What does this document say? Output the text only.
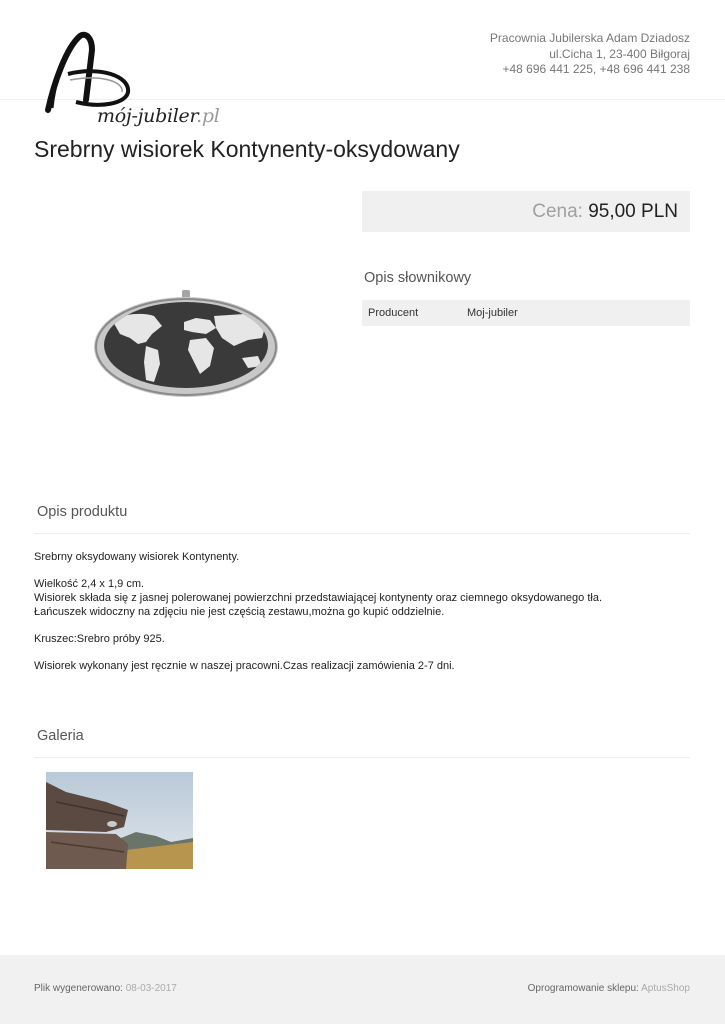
mój-jubiler.pl
Pracownia Jubilerska Adam Dziadosz
ul.Cicha 1, 23-400 Biłgoraj
+48 696 441 225, +48 696 441 238
Srebrny wisiorek Kontynenty-oksydowany
Cena: 95,00 PLN
Opis słownikowy
Producent	Moj-jubiler
Opis produktu

Srebrny oksydowany wisiorek Kontynenty.

Wielkość 2,4 x 1,9 cm.
Wisiorek składa się z jasnej polerowanej powierzchni przedstawiającej kontynenty oraz ciemnego oksydowanego tła.
Łańcuszek widoczny na zdjęciu nie jest częścią zestawu,można go kupić oddzielnie.

Kruszec:Srebro próby 925.

Wisiorek wykonany jest ręcznie w naszej pracowni.Czas realizacji zamówienia 2-7 dni.

Galeria
Plik wygenerowano: 08-03-2017	Oprogramowanie sklepu: AptusShop
